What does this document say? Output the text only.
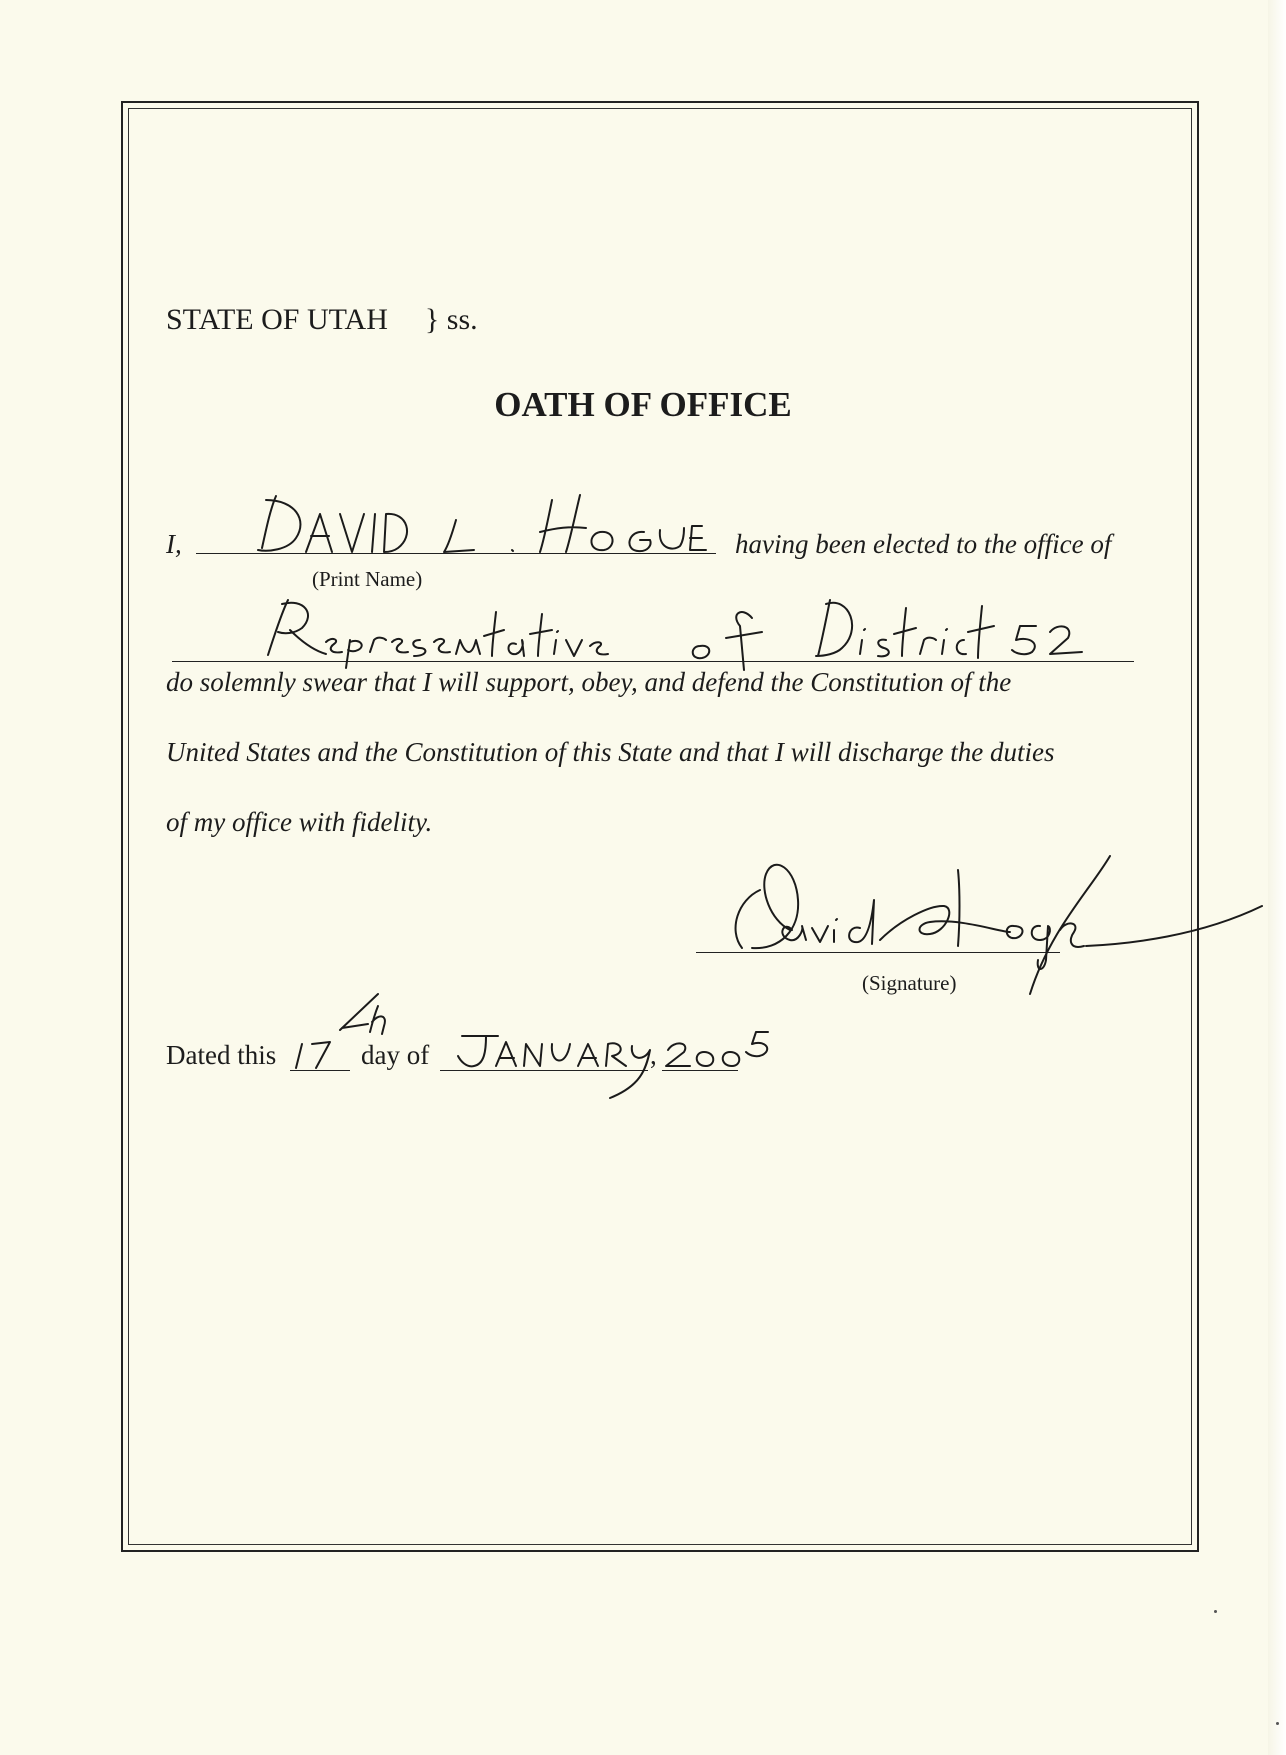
STATE OF UTAH } ss.
OATH OF OFFICE
I,	having been elected to the office of
(Print Name)
do solemnly swear that I will support, obey, and defend the Constitution of the
United States and the Constitution of this State and that I will discharge the duties
of my office with fidelity.
(Signature)
Dated this	day of	,
